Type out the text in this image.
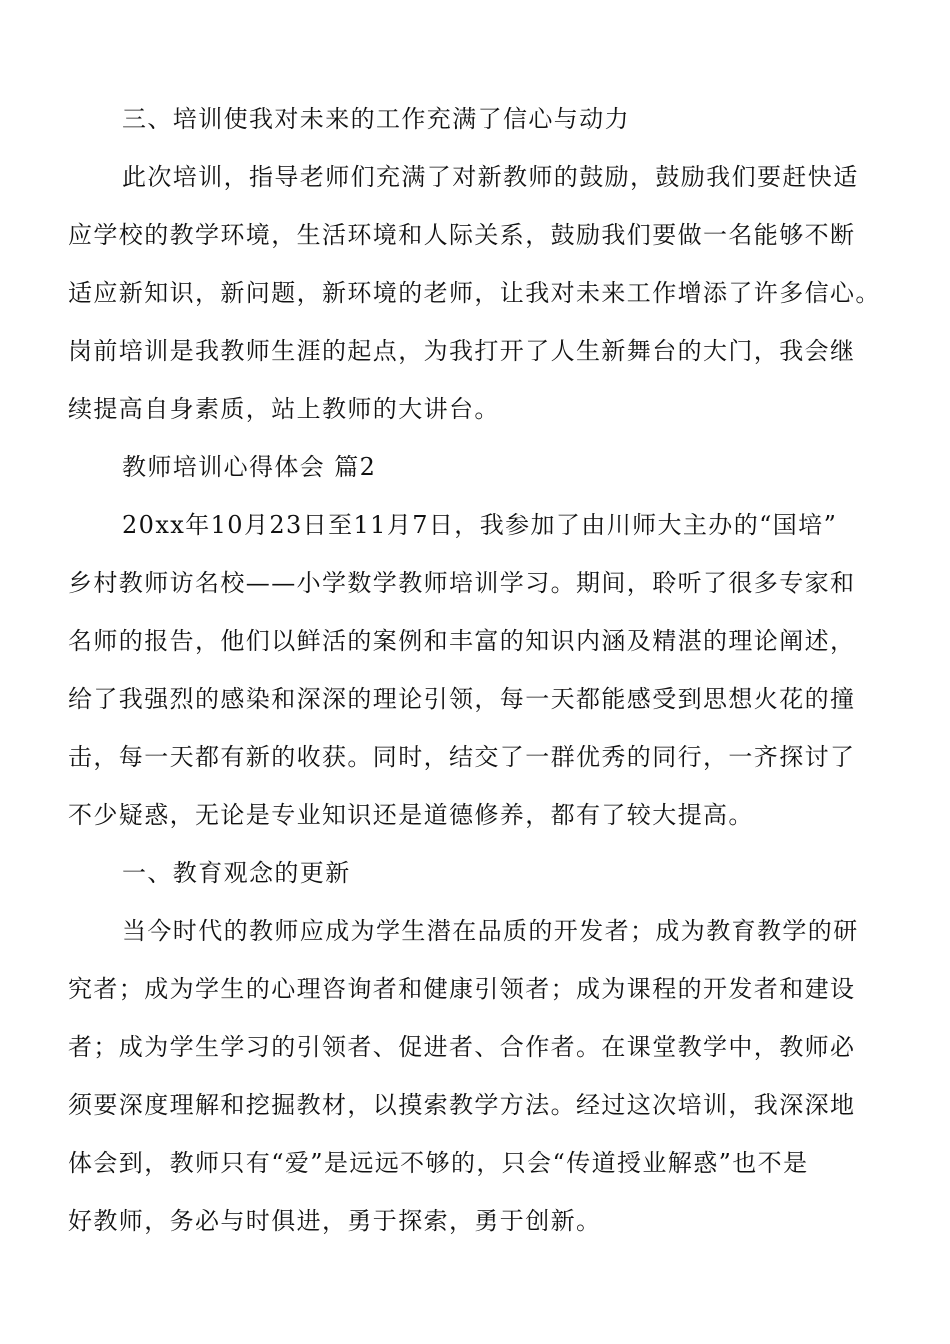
三、培训使我对未来的工作充满了信心与动力

此次培训，指导老师们充满了对新教师的鼓励，鼓励我们要赶快适

应学校的教学环境，生活环境和人际关系，鼓励我们要做一名能够不断

适应新知识，新问题，新环境的老师，让我对未来工作增添了许多信心。

岗前培训是我教师生涯的起点，为我打开了人生新舞台的大门，我会继

续提高自身素质，站上教师的大讲台。

教师培训心得体会 篇2

20xx年10月23日至11月7日，我参加了由川师大主办的“国培”

乡村教师访名校——小学数学教师培训学习。期间，聆听了很多专家和

名师的报告，他们以鲜活的案例和丰富的知识内涵及精湛的理论阐述，

给了我强烈的感染和深深的理论引领，每一天都能感受到思想火花的撞

击，每一天都有新的收获。同时，结交了一群优秀的同行，一齐探讨了

不少疑惑，无论是专业知识还是道德修养，都有了较大提高。

一、教育观念的更新

当今时代的教师应成为学生潜在品质的开发者；成为教育教学的研

究者；成为学生的心理咨询者和健康引领者；成为课程的开发者和建设

者；成为学生学习的引领者、促进者、合作者。在课堂教学中，教师必

须要深度理解和挖掘教材，以摸索教学方法。经过这次培训，我深深地

体会到，教师只有“爱”是远远不够的，只会“传道授业解惑”也不是

好教师，务必与时俱进，勇于探索，勇于创新。
